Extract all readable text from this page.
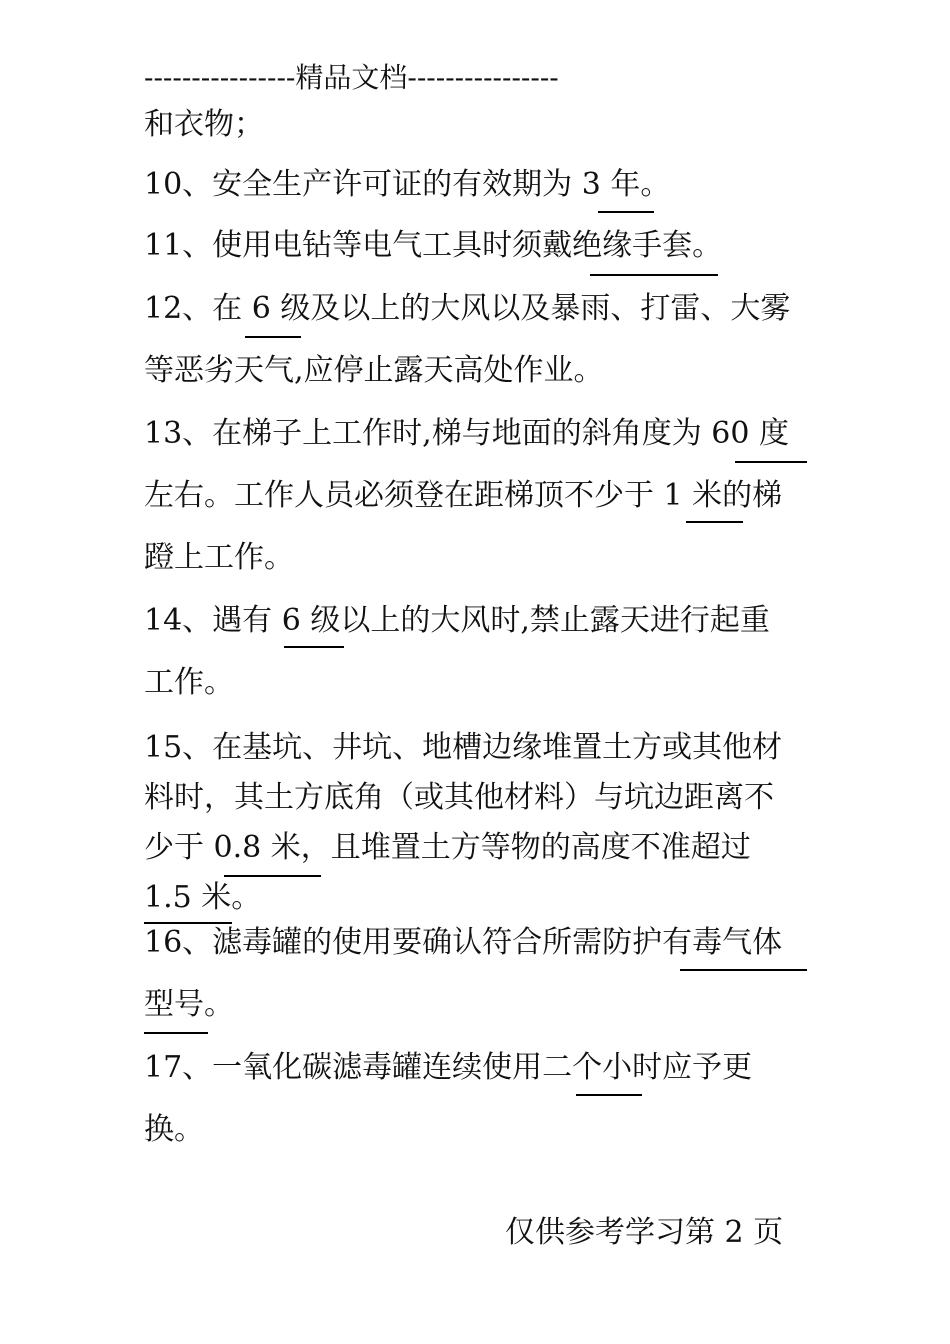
----------------精品文档----------------
和衣物；
10、安全生产许可证的有效期为 3 年。
11、使用电钻等电气工具时须戴绝缘手套。
12、在 6 级及以上的大风以及暴雨、打雷、大雾
等恶劣天气,应停止露天高处作业。
13、在梯子上工作时,梯与地面的斜角度为 60 度
左右。工作人员必须登在距梯顶不少于 1 米的梯
蹬上工作。
14、遇有 6 级以上的大风时,禁止露天进行起重
工作。
15、在基坑、井坑、地槽边缘堆置土方或其他材
料时，其土方底角（或其他材料）与坑边距离不
少于 0.8 米，且堆置土方等物的高度不准超过
1.5 米。
16、滤毒罐的使用要确认符合所需防护有毒气体
型号。
17、一氧化碳滤毒罐连续使用二个小时应予更
换。
仅供参考学习第 2 页
